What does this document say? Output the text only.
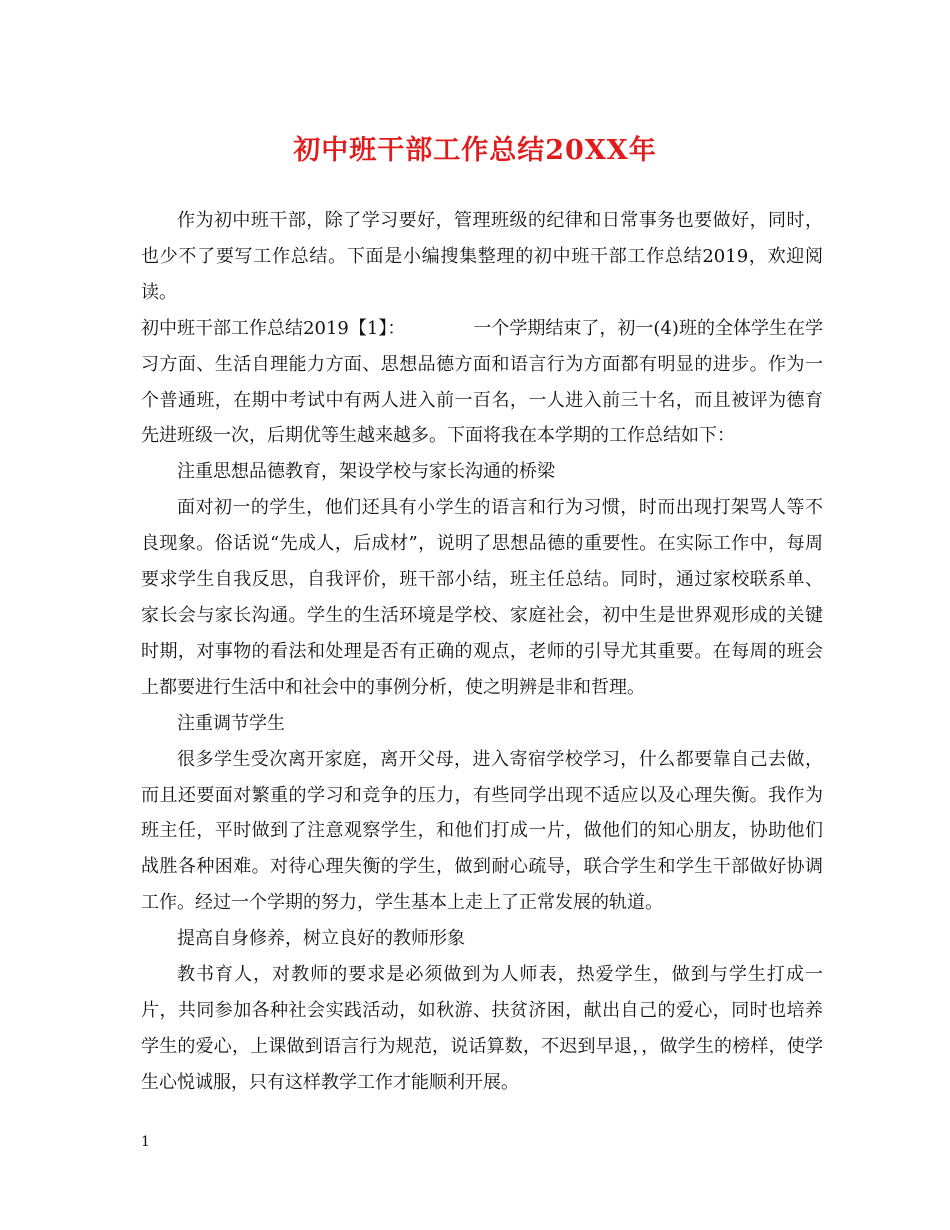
初中班干部工作总结20XX年

作为初中班干部，除了学习要好，管理班级的纪律和日常事务也要做好，同时，也少不了要写工作总结。下面是小编搜集整理的初中班干部工作总结2019，欢迎阅读。

初中班干部工作总结2019【1】：	一个学期结束了，初一(4)班的全体学生在学习方面、生活自理能力方面、思想品德方面和语言行为方面都有明显的进步。作为一个普通班，在期中考试中有两人进入前一百名，一人进入前三十名，而且被评为德育先进班级一次，后期优等生越来越多。下面将我在本学期的工作总结如下：

注重思想品德教育，架设学校与家长沟通的桥梁

面对初一的学生，他们还具有小学生的语言和行为习惯，时而出现打架骂人等不良现象。俗话说“先成人，后成材”，说明了思想品德的重要性。在实际工作中，每周要求学生自我反思，自我评价，班干部小结，班主任总结。同时，通过家校联系单、家长会与家长沟通。学生的生活环境是学校、家庭社会，初中生是世界观形成的关键时期，对事物的看法和处理是否有正确的观点，老师的引导尤其重要。在每周的班会上都要进行生活中和社会中的事例分析，使之明辨是非和哲理。

注重调节学生

很多学生受次离开家庭，离开父母，进入寄宿学校学习，什么都要靠自己去做，而且还要面对繁重的学习和竞争的压力，有些同学出现不适应以及心理失衡。我作为班主任，平时做到了注意观察学生，和他们打成一片，做他们的知心朋友，协助他们战胜各种困难。对待心理失衡的学生，做到耐心疏导，联合学生和学生干部做好协调工作。经过一个学期的努力，学生基本上走上了正常发展的轨道。

提高自身修养，树立良好的教师形象

教书育人，对教师的要求是必须做到为人师表，热爱学生，做到与学生打成一片，共同参加各种社会实践活动，如秋游、扶贫济困，献出自己的爱心，同时也培养学生的爱心，上课做到语言行为规范，说话算数，不迟到早退，，做学生的榜样，使学生心悦诚服，只有这样教学工作才能顺利开展。

1
